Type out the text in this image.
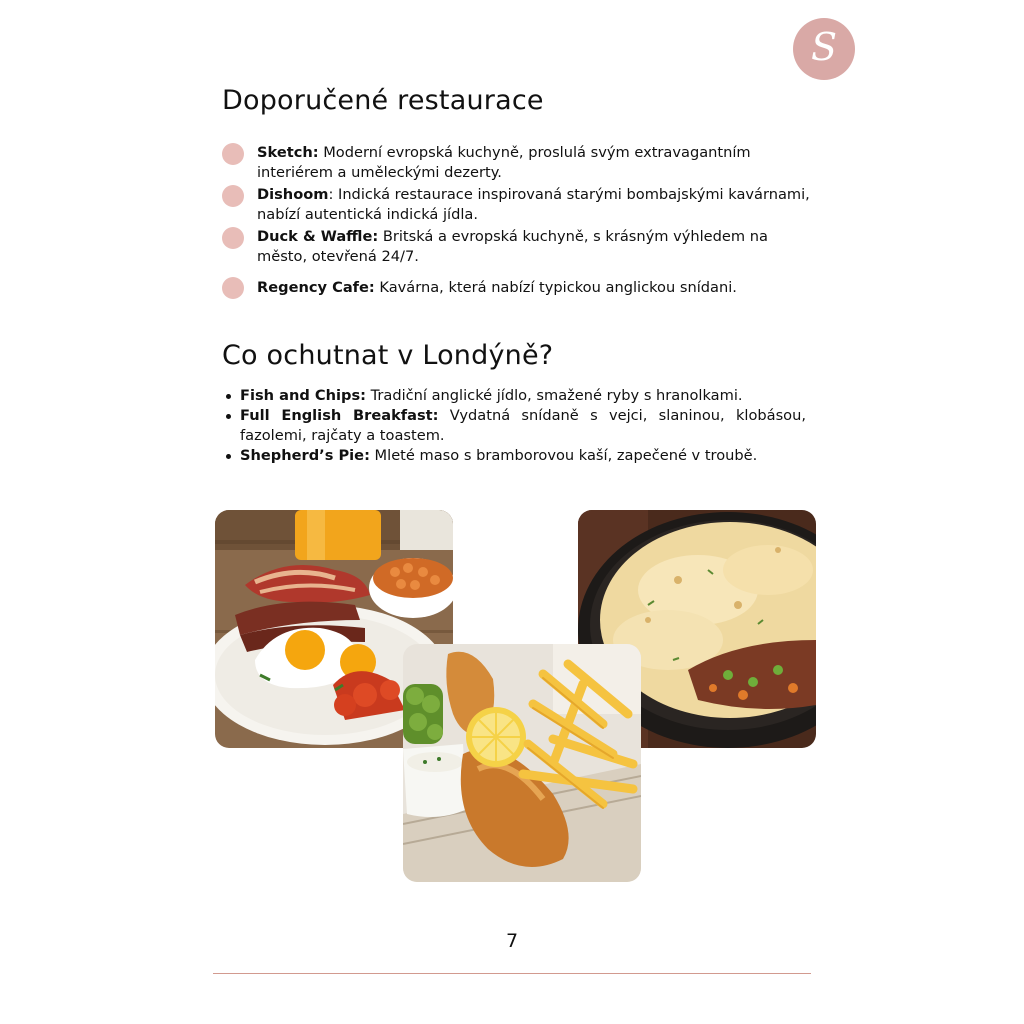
S
Doporučené restaurace
Sketch: Moderní evropská kuchyně, proslulá svým extravagantním interiérem a uměleckými dezerty.
Dishoom: Indická restaurace inspirovaná starými bombajskými kavárnami, nabízí autentická indická jídla.
Duck & Waffle: Britská a evropská kuchyně, s krásným výhledem na město, otevřená 24/7.
Regency Cafe: Kavárna, která nabízí typickou anglickou snídani.
Co ochutnat v Londýně?
Fish and Chips: Tradiční anglické jídlo, smažené ryby s hranolkami.
Full English Breakfast: Vydatná snídaně s vejci, slaninou, klobásou, fazolemi, rajčaty a toastem.
Shepherd’s Pie: Mleté maso s bramborovou kaší, zapečené v troubě.
7
